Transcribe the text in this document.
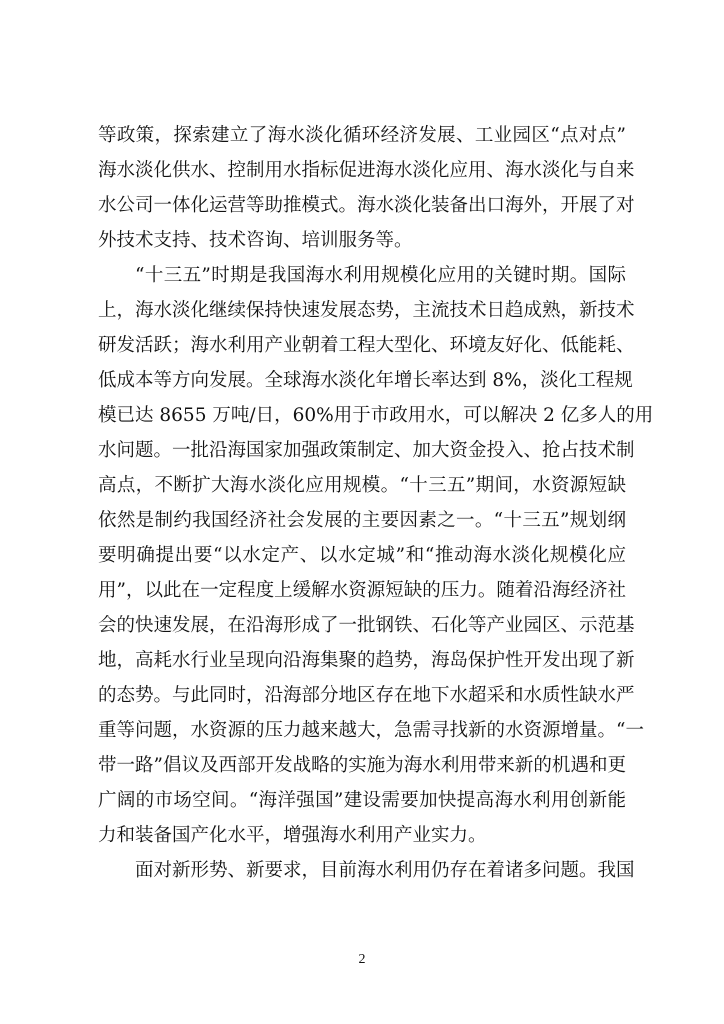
等政策，探索建立了海水淡化循环经济发展、工业园区“点对点”
海水淡化供水、控制用水指标促进海水淡化应用、海水淡化与自来
水公司一体化运营等助推模式。海水淡化装备出口海外，开展了对
外技术支持、技术咨询、培训服务等。
“十三五”时期是我国海水利用规模化应用的关键时期。国际
上，海水淡化继续保持快速发展态势，主流技术日趋成熟，新技术
研发活跃；海水利用产业朝着工程大型化、环境友好化、低能耗、
低成本等方向发展。全球海水淡化年增长率达到 8%，淡化工程规
模已达 8655 万吨/日，60%用于市政用水，可以解决 2 亿多人的用
水问题。一批沿海国家加强政策制定、加大资金投入、抢占技术制
高点，不断扩大海水淡化应用规模。“十三五”期间，水资源短缺
依然是制约我国经济社会发展的主要因素之一。“十三五”规划纲
要明确提出要“以水定产、以水定城”和“推动海水淡化规模化应
用”，以此在一定程度上缓解水资源短缺的压力。随着沿海经济社
会的快速发展，在沿海形成了一批钢铁、石化等产业园区、示范基
地，高耗水行业呈现向沿海集聚的趋势，海岛保护性开发出现了新
的态势。与此同时，沿海部分地区存在地下水超采和水质性缺水严
重等问题，水资源的压力越来越大，急需寻找新的水资源增量。“一
带一路”倡议及西部开发战略的实施为海水利用带来新的机遇和更
广阔的市场空间。“海洋强国”建设需要加快提高海水利用创新能
力和装备国产化水平，增强海水利用产业实力。
面对新形势、新要求，目前海水利用仍存在着诸多问题。我国
2
